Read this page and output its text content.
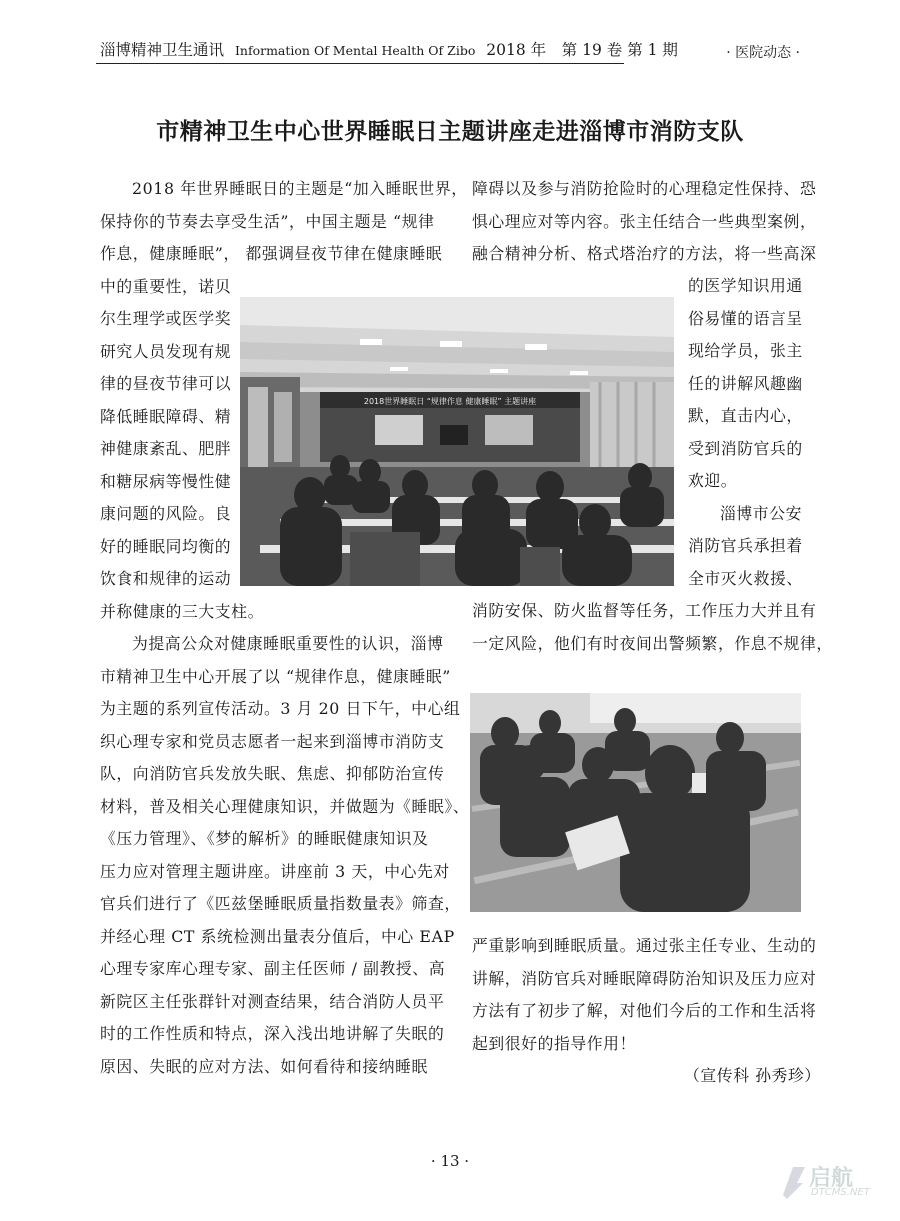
淄博精神卫生通讯 Information Of Mental Health Of Zibo 2018 年　第 19 卷 第 1 期	· 医院动态 ·
市精神卫生中心世界睡眠日主题讲座走进淄博市消防支队

2018 年世界睡眠日的主题是“加入睡眠世界，

保持你的节奏去享受生活”，中国主题是 “规律

作息，健康睡眠”， 都强调昼夜节律在健康睡眠

中的重要性，诺贝

尔生理学或医学奖

研究人员发现有规

律的昼夜节律可以

降低睡眠障碍、精

神健康紊乱、肥胖

和糖尿病等慢性健

康问题的风险。良

好的睡眠同均衡的

饮食和规律的运动

并称健康的三大支柱。

为提高公众对健康睡眠重要性的认识，淄博

市精神卫生中心开展了以 “规律作息，健康睡眠”

为主题的系列宣传活动。3 月 20 日下午，中心组

织心理专家和党员志愿者一起来到淄博市消防支

队，向消防官兵发放失眠、焦虑、抑郁防治宣传

材料，普及相关心理健康知识，并做题为《睡眠》、

《压力管理》、《梦的解析》的睡眠健康知识及

压力应对管理主题讲座。讲座前 3 天，中心先对

官兵们进行了《匹兹堡睡眠质量指数量表》筛查，

并经心理 CT 系统检测出量表分值后，中心 EAP

心理专家库心理专家、副主任医师 / 副教授、高

新院区主任张群针对测查结果，结合消防人员平

时的工作性质和特点，深入浅出地讲解了失眠的

原因、失眠的应对方法、如何看待和接纳睡眠

障碍以及参与消防抢险时的心理稳定性保持、恐

惧心理应对等内容。张主任结合一些典型案例，

融合精神分析、格式塔治疗的方法，将一些高深

的医学知识用通

俗易懂的语言呈

现给学员，张主

任的讲解风趣幽

默，直击内心，

受到消防官兵的

欢迎。

淄博市公安

消防官兵承担着

全市灭火救援、

消防安保、防火监督等任务，工作压力大并且有

一定风险，他们有时夜间出警频繁，作息不规律，

严重影响到睡眠质量。通过张主任专业、生动的

讲解，消防官兵对睡眠障碍防治知识及压力应对

方法有了初步了解，对他们今后的工作和生活将

起到很好的指导作用！

（宣传科 孙秀珍）

2018世界睡眠日 “规律作息 健康睡眠” 主题讲座
· 13 ·
启航
DTCMS.NET
